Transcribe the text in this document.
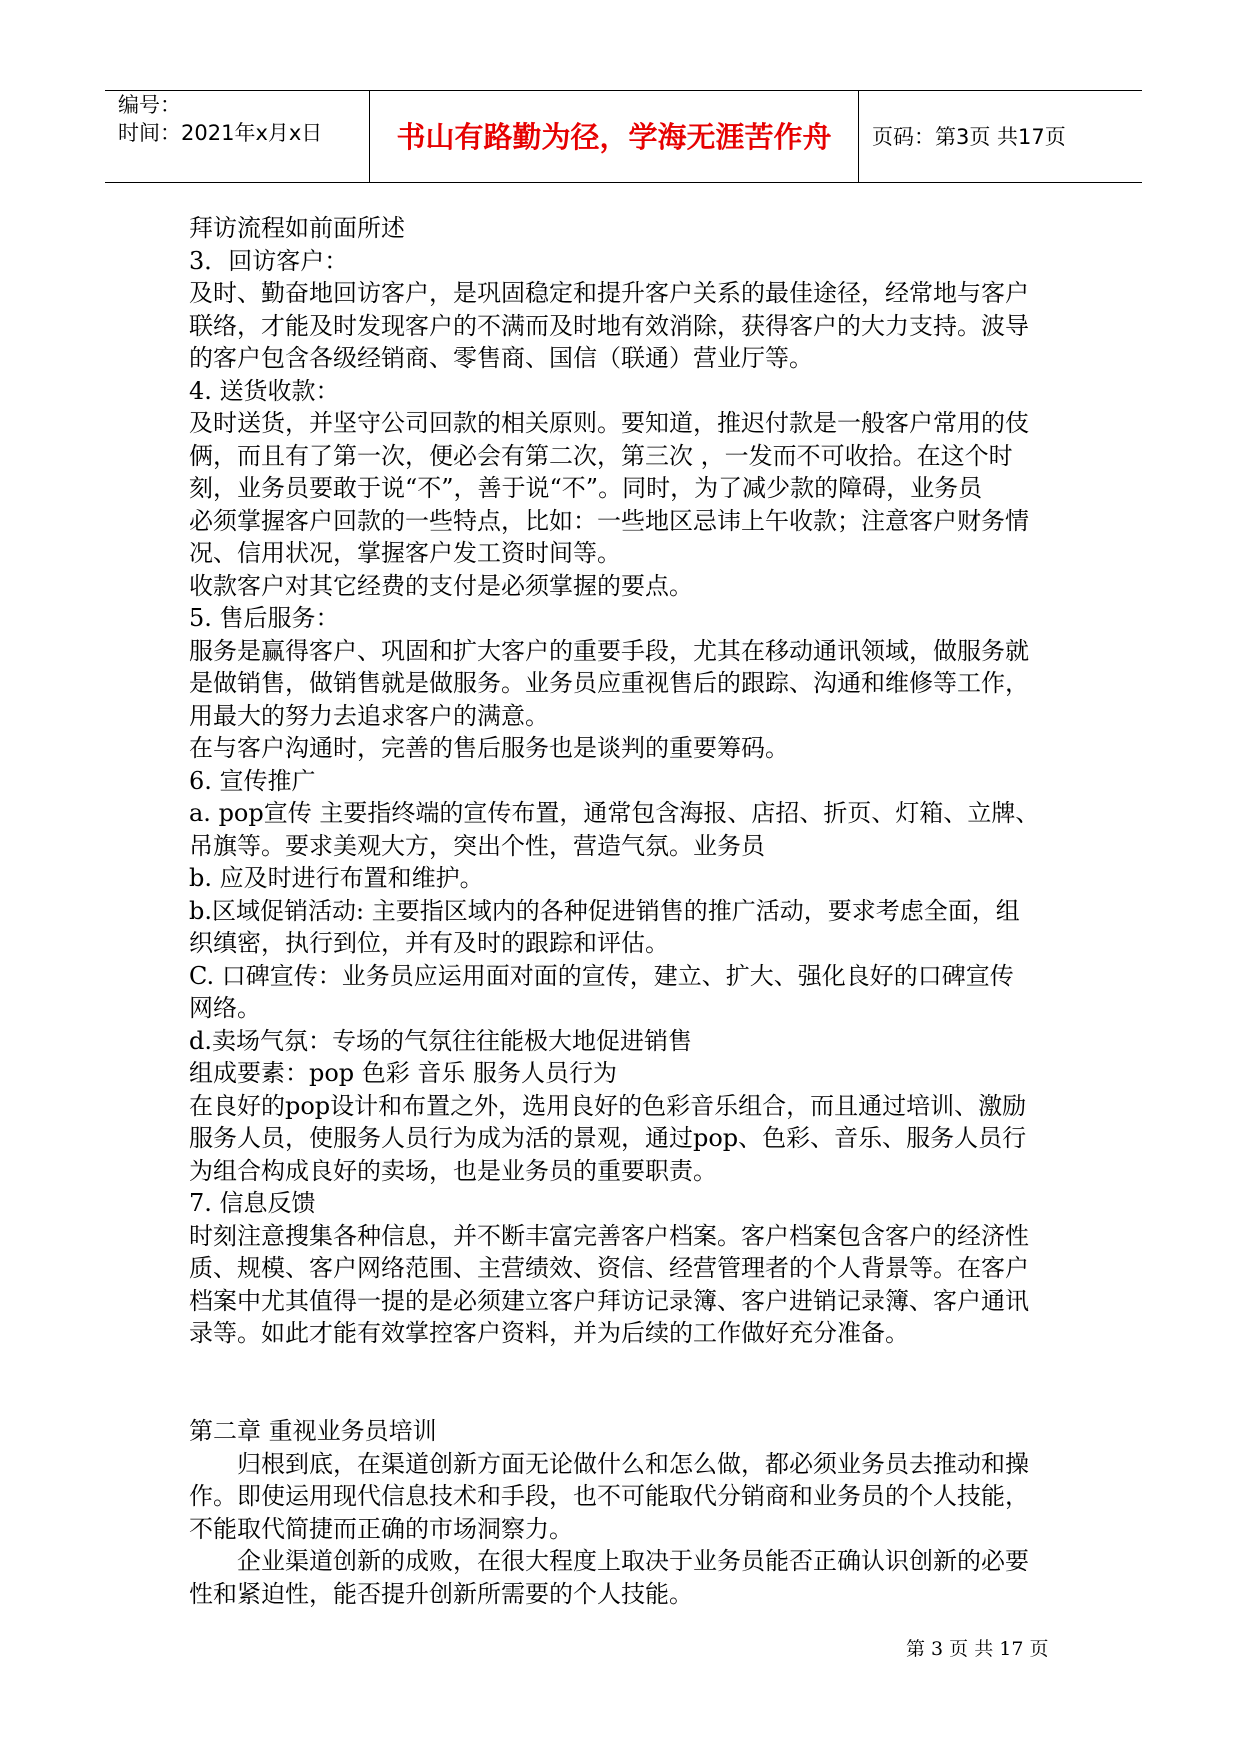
编号：
时间：2021年x月x日	书山有路勤为径，学海无涯苦作舟	页码：第3页 共17页
拜访流程如前面所述
3．回访客户：
及时、勤奋地回访客户，是巩固稳定和提升客户关系的最佳途径，经常地与客户
联络，才能及时发现客户的不满而及时地有效消除，获得客户的大力支持。波导
的客户包含各级经销商、零售商、国信（联通）营业厅等。
4. 送货收款：
及时送货，并坚守公司回款的相关原则。要知道，推迟付款是一般客户常用的伎
俩，而且有了第一次，便必会有第二次，第三次 ，一发而不可收拾。在这个时
刻，业务员要敢于说“不”，善于说“不”。同时，为了减少款的障碍，业务员
必须掌握客户回款的一些特点，比如：一些地区忌讳上午收款；注意客户财务情
况、信用状况，掌握客户发工资时间等。
收款客户对其它经费的支付是必须掌握的要点。
5. 售后服务：
服务是赢得客户、巩固和扩大客户的重要手段，尤其在移动通讯领域，做服务就
是做销售，做销售就是做服务。业务员应重视售后的跟踪、沟通和维修等工作，
用最大的努力去追求客户的满意。
在与客户沟通时，完善的售后服务也是谈判的重要筹码。
6. 宣传推广
a. pop宣传 主要指终端的宣传布置，通常包含海报、店招、折页、灯箱、立牌、
吊旗等。要求美观大方，突出个性，营造气氛。业务员
b. 应及时进行布置和维护。
b.区域促销活动: 主要指区域内的各种促进销售的推广活动，要求考虑全面，组
织缜密，执行到位，并有及时的跟踪和评估。
C. 口碑宣传：业务员应运用面对面的宣传，建立、扩大、强化良好的口碑宣传
网络。
d.卖场气氛：专场的气氛往往能极大地促进销售
组成要素：pop 色彩 音乐 服务人员行为
在良好的pop设计和布置之外，选用良好的色彩音乐组合，而且通过培训、激励
服务人员，使服务人员行为成为活的景观，通过pop、色彩、音乐、服务人员行
为组合构成良好的卖场，也是业务员的重要职责。
7. 信息反馈
时刻注意搜集各种信息，并不断丰富完善客户档案。客户档案包含客户的经济性
质、规模、客户网络范围、主营绩效、资信、经营管理者的个人背景等。在客户
档案中尤其值得一提的是必须建立客户拜访记录簿、客户进销记录簿、客户通讯
录等。如此才能有效掌控客户资料，并为后续的工作做好充分准备。
第二章 重视业务员培训
归根到底，在渠道创新方面无论做什么和怎么做，都必须业务员去推动和操
作。即使运用现代信息技术和手段，也不可能取代分销商和业务员的个人技能，
不能取代简捷而正确的市场洞察力。
企业渠道创新的成败，在很大程度上取决于业务员能否正确认识创新的必要
性和紧迫性，能否提升创新所需要的个人技能。
第 3 页 共 17 页
